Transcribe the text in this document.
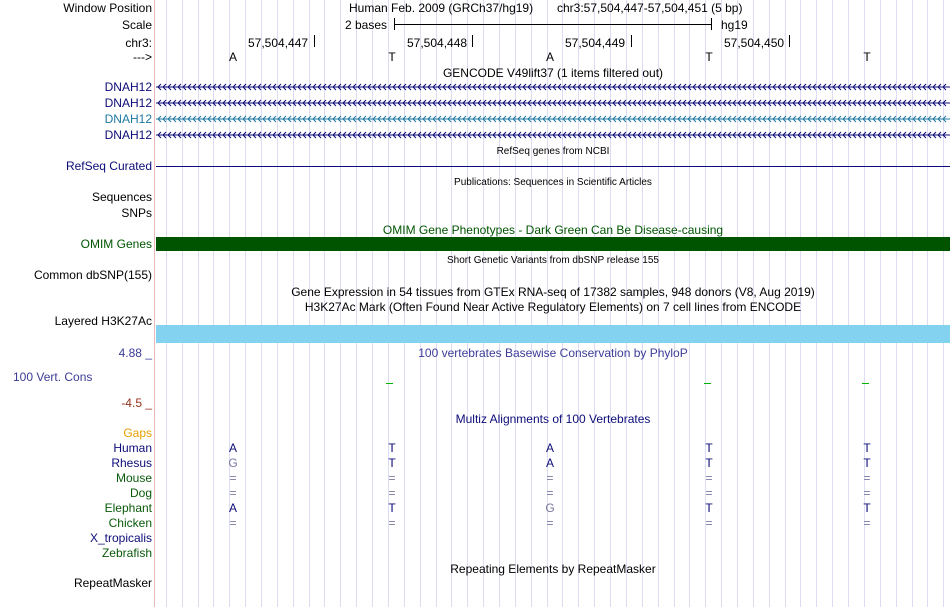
Window Position	Human Feb. 2009 (GRCh37/hg19) chr3:57,504,447-57,504,451 (5 bp)
Scale	2 bases	hg19
chr3:	57,504,447	57,504,448	57,504,449	57,504,450
--->	A	T	A	T	T
GENCODE V49lift37 (1 items filtered out)
DNAH12
DNAH12
DNAH12
DNAH12
RefSeq genes from NCBI
RefSeq Curated
Publications: Sequences in Scientific Articles
Sequences
SNPs
OMIM Gene Phenotypes - Dark Green Can Be Disease-causing
OMIM Genes
Short Genetic Variants from dbSNP release 155
Common dbSNP(155)
Gene Expression in 54 tissues from GTEx RNA-seq of 17382 samples, 948 donors (V8, Aug 2019)
H3K27Ac Mark (Often Found Near Active Regulatory Elements) on 7 cell lines from ENCODE
Layered H3K27Ac
4.88 _	100 vertebrates Basewise Conservation by PhyloP
100 Vert. Cons
-4.5 _
Multiz Alignments of 100 Vertebrates
Gaps
Human	A	T	A	T	T
Rhesus	G	T	A	T	T
Mouse	=	=	=	=	=
Dog	=	=	=	=	=
Elephant	A	T	G	T	T
Chicken	=	=	=	=	=
X_tropicalis
Zebrafish
Repeating Elements by RepeatMasker
RepeatMasker
